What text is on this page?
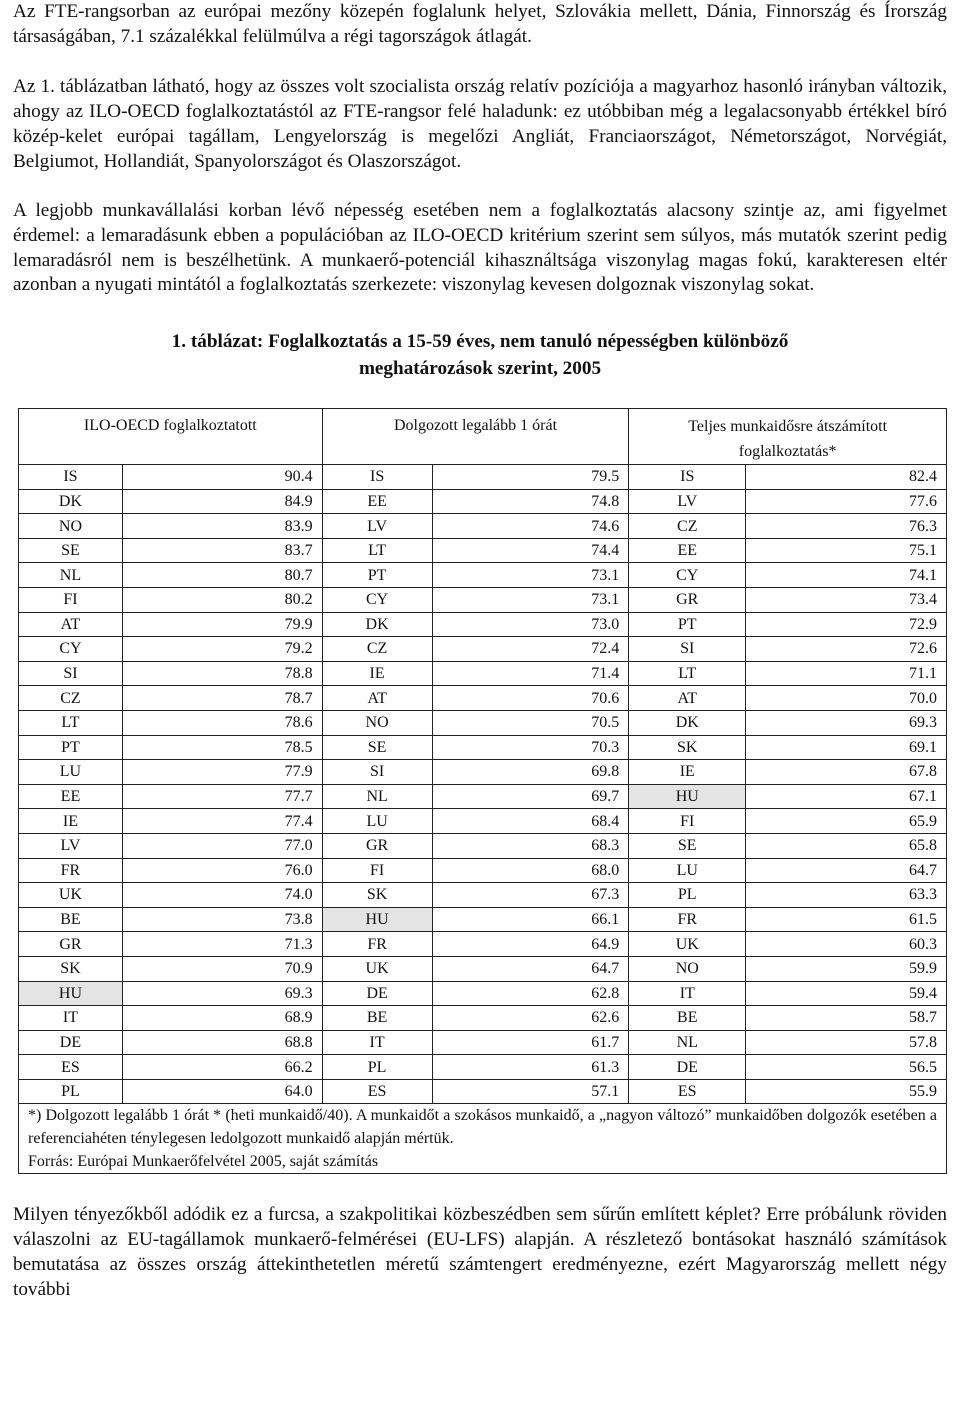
Az FTE-rangsorban az európai mezőny közepén foglalunk helyet, Szlovákia mellett, Dánia, Finnország és Írország társaságában, 7.1 százalékkal felülmúlva a régi tagországok átlagát.

Az 1. táblázatban látható, hogy az összes volt szocialista ország relatív pozíciója a magyarhoz hasonló irányban változik, ahogy az ILO-OECD foglalkoztatástól az FTE-rangsor felé haladunk: ez utóbbiban még a legalacsonyabb értékkel bíró közép-kelet európai tagállam, Lengyelország is megelőzi Angliát, Franciaországot, Németországot, Norvégiát, Belgiumot, Hollandiát, Spanyolországot és Olaszországot.

A legjobb munkavállalási korban lévő népesség esetében nem a foglalkoztatás alacsony szintje az, ami figyelmet érdemel: a lemaradásunk ebben a populációban az ILO-OECD kritérium szerint sem súlyos, más mutatók szerint pedig lemaradásról nem is beszélhetünk. A munkaerő-potenciál kihasználtsága viszonylag magas fokú, karakteresen eltér azonban a nyugati mintától a foglalkoztatás szerkezete: viszonylag kevesen dolgoznak viszonylag sokat.

1. táblázat: Foglalkoztatás a 15-59 éves, nem tanuló népességben különböző

meghatározások szerint, 2005

ILO-OECD foglalkoztatott		Dolgozott legalább 1 órát		Teljes munkaidősre átszámított foglalkoztatás*	
IS	90.4	IS	79.5	IS	82.4
DK	84.9	EE	74.8	LV	77.6
NO	83.9	LV	74.6	CZ	76.3
SE	83.7	LT	74.4	EE	75.1
NL	80.7	PT	73.1	CY	74.1
FI	80.2	CY	73.1	GR	73.4
AT	79.9	DK	73.0	PT	72.9
CY	79.2	CZ	72.4	SI	72.6
SI	78.8	IE	71.4	LT	71.1
CZ	78.7	AT	70.6	AT	70.0
LT	78.6	NO	70.5	DK	69.3
PT	78.5	SE	70.3	SK	69.1
LU	77.9	SI	69.8	IE	67.8
EE	77.7	NL	69.7	HU	67.1
IE	77.4	LU	68.4	FI	65.9
LV	77.0	GR	68.3	SE	65.8
FR	76.0	FI	68.0	LU	64.7
UK	74.0	SK	67.3	PL	63.3
BE	73.8	HU	66.1	FR	61.5
GR	71.3	FR	64.9	UK	60.3
SK	70.9	UK	64.7	NO	59.9
HU	69.3	DE	62.8	IT	59.4
IT	68.9	BE	62.6	BE	58.7
DE	68.8	IT	61.7	NL	57.8
ES	66.2	PL	61.3	DE	56.5
PL	64.0	ES	57.1	ES	55.9

*) Dolgozott legalább 1 órát * (heti munkaidő/40). A munkaidőt a szokásos munkaidő, a „nagyon változó” munkaidőben dolgozók esetében a referenciahéten ténylegesen ledolgozott munkaidő alapján mértük.
Forrás: Európai Munkaerőfelvétel 2005, saját számítás					

Milyen tényezőkből adódik ez a furcsa, a szakpolitikai közbeszédben sem sűrűn említett képlet? Erre próbálunk röviden válaszolni az EU-tagállamok munkaerő-felmérései (EU-LFS) alapján. A részletező bontásokat használó számítások bemutatása az összes ország áttekinthetetlen méretű számtengert eredményezne, ezért Magyarország mellett négy további
